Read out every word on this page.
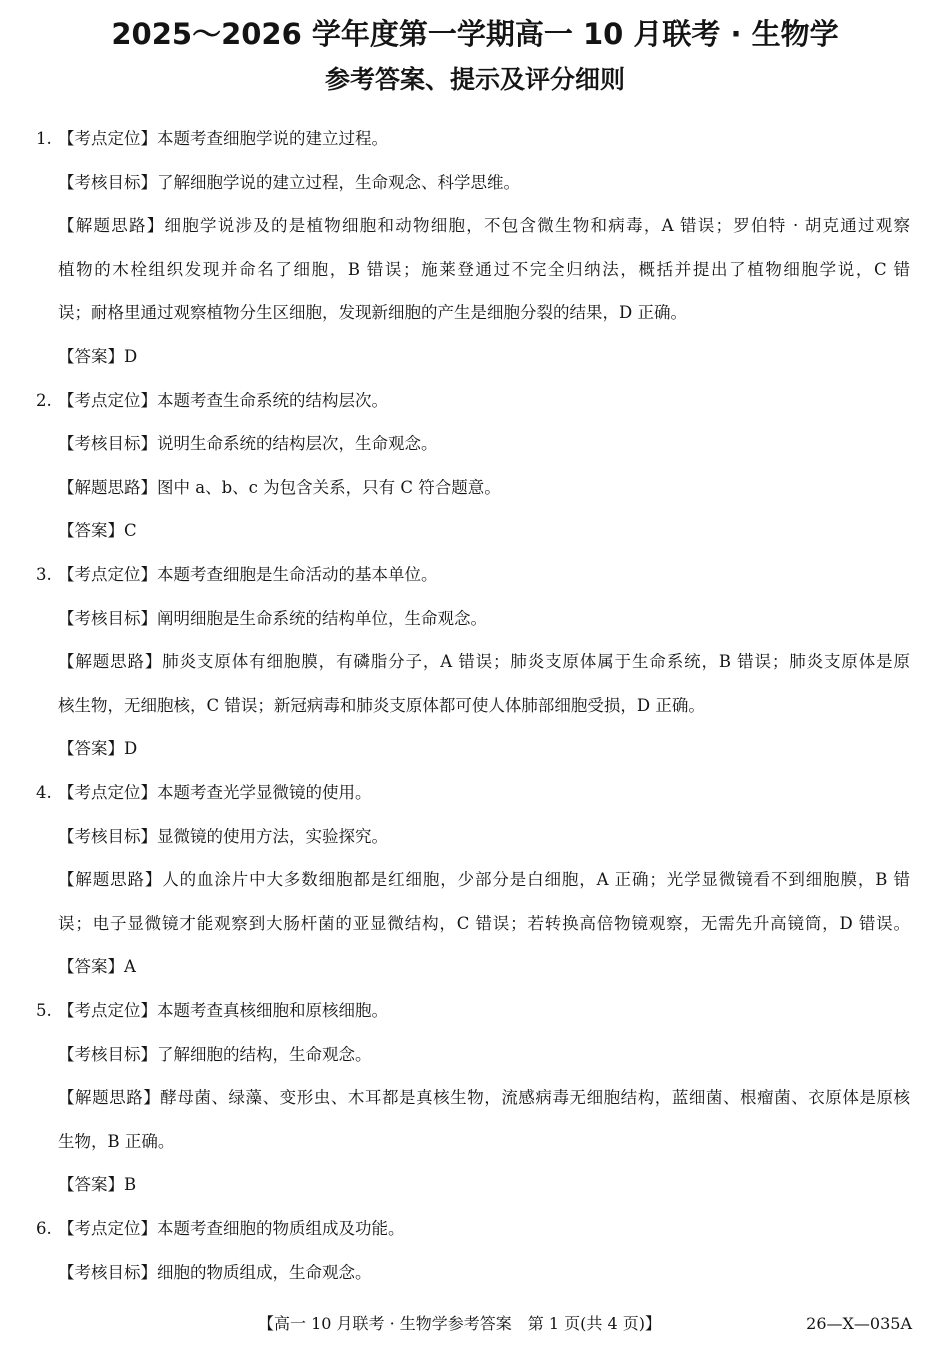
2025～2026 学年度第一学期高一 10 月联考 · 生物学
参考答案、提示及评分细则
1. 【考点定位】本题考查细胞学说的建立过程。
【考核目标】了解细胞学说的建立过程，生命观念、科学思维。
【解题思路】细胞学说涉及的是植物细胞和动物细胞，不包含微生物和病毒，A 错误；罗伯特 · 胡克通过观察
植物的木栓组织发现并命名了细胞，B 错误；施莱登通过不完全归纳法，概括并提出了植物细胞学说，C 错
误；耐格里通过观察植物分生区细胞，发现新细胞的产生是细胞分裂的结果，D 正确。
【答案】D
2. 【考点定位】本题考查生命系统的结构层次。
【考核目标】说明生命系统的结构层次，生命观念。
【解题思路】图中 a、b、c 为包含关系，只有 C 符合题意。
【答案】C
3. 【考点定位】本题考查细胞是生命活动的基本单位。
【考核目标】阐明细胞是生命系统的结构单位，生命观念。
【解题思路】肺炎支原体有细胞膜，有磷脂分子，A 错误；肺炎支原体属于生命系统，B 错误；肺炎支原体是原
核生物，无细胞核，C 错误；新冠病毒和肺炎支原体都可使人体肺部细胞受损，D 正确。
【答案】D
4. 【考点定位】本题考查光学显微镜的使用。
【考核目标】显微镜的使用方法，实验探究。
【解题思路】人的血涂片中大多数细胞都是红细胞，少部分是白细胞，A 正确；光学显微镜看不到细胞膜，B 错
误；电子显微镜才能观察到大肠杆菌的亚显微结构，C 错误；若转换高倍物镜观察，无需先升高镜筒，D 错误。
【答案】A
5. 【考点定位】本题考查真核细胞和原核细胞。
【考核目标】了解细胞的结构，生命观念。
【解题思路】酵母菌、绿藻、变形虫、木耳都是真核生物，流感病毒无细胞结构，蓝细菌、根瘤菌、衣原体是原核
生物，B 正确。
【答案】B
6. 【考点定位】本题考查细胞的物质组成及功能。
【考核目标】细胞的物质组成，生命观念。
【高一 10 月联考 · 生物学参考答案　第 1 页(共 4 页)】	26—X—035A
